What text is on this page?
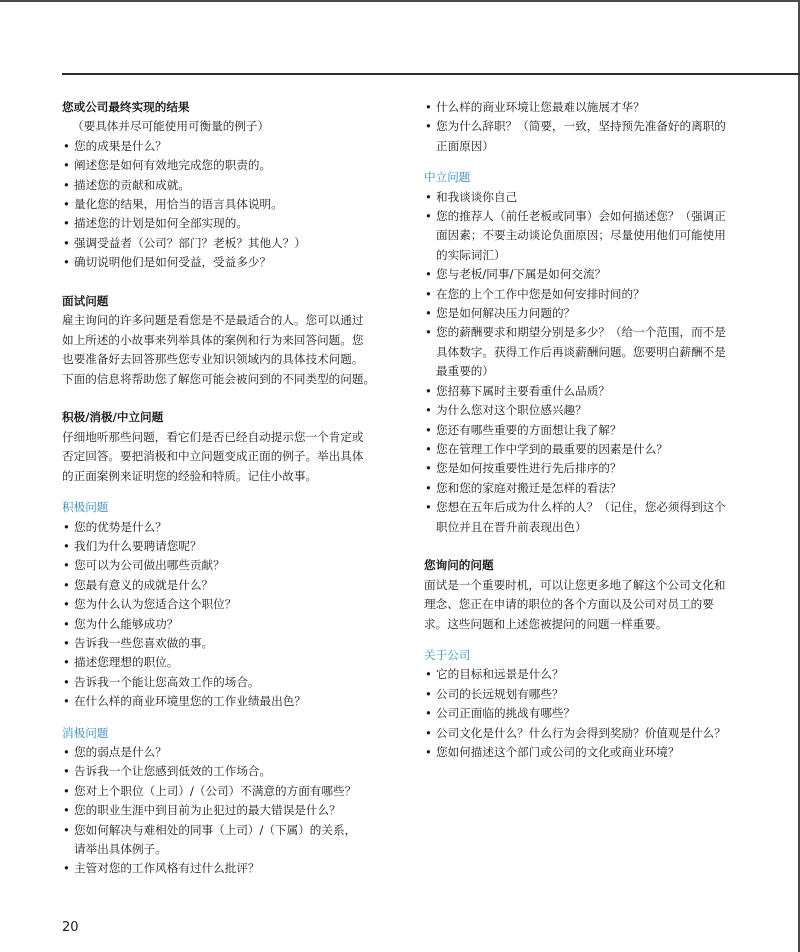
您或公司最终实现的结果
（要具体并尽可能使用可衡量的例子）
• 您的成果是什么？
• 阐述您是如何有效地完成您的职责的。
• 描述您的贡献和成就。
• 量化您的结果，用恰当的语言具体说明。
• 描述您的计划是如何全部实现的。
• 强调受益者（公司？部门？老板？其他人？）
• 确切说明他们是如何受益，受益多少？
面试问题
雇主询问的许多问题是看您是不是最适合的人。您可以通过
如上所述的小故事来列举具体的案例和行为来回答问题。您
也要准备好去回答那些您专业知识领域内的具体技术问题。
下面的信息将帮助您了解您可能会被问到的不同类型的问题。
积极/消极/中立问题
仔细地听那些问题，看它们是否已经自动提示您一个肯定或
否定回答。要把消极和中立问题变成正面的例子。举出具体
的正面案例来证明您的经验和特质。记住小故事。
积极问题
• 您的优势是什么？
• 我们为什么要聘请您呢？
• 您可以为公司做出哪些贡献？
• 您最有意义的成就是什么？
• 您为什么认为您适合这个职位？
• 您为什么能够成功？
• 告诉我一些您喜欢做的事。
• 描述您理想的职位。
• 告诉我一个能让您高效工作的场合。
• 在什么样的商业环境里您的工作业绩最出色？
消极问题
• 您的弱点是什么？
• 告诉我一个让您感到低效的工作场合。
• 您对上个职位（上司）/（公司）不满意的方面有哪些？
• 您的职业生涯中到目前为止犯过的最大错误是什么？
• 您如何解决与难相处的同事（上司）/（下属）的关系，
请举出具体例子。
• 主管对您的工作风格有过什么批评？
• 什么样的商业环境让您最难以施展才华？
• 您为什么辞职？（简要，一致，坚持预先准备好的离职的
正面原因）
中立问题
• 和我谈谈你自己
• 您的推荐人（前任老板或同事）会如何描述您？（强调正
面因素；不要主动谈论负面原因；尽量使用他们可能使用
的实际词汇）
• 您与老板/同事/下属是如何交流？
• 在您的上个工作中您是如何安排时间的？
• 您是如何解决压力问题的？
• 您的薪酬要求和期望分别是多少？（给一个范围，而不是
具体数字。获得工作后再谈薪酬问题。您要明白薪酬不是
最重要的）
• 您招募下属时主要看重什么品质？
• 为什么您对这个职位感兴趣？
• 您还有哪些重要的方面想让我了解？
• 您在管理工作中学到的最重要的因素是什么？
• 您是如何按重要性进行先后排序的？
• 您和您的家庭对搬迁是怎样的看法？
• 您想在五年后成为什么样的人？（记住，您必须得到这个
职位并且在晋升前表现出色）
您询问的问题
面试是一个重要时机，可以让您更多地了解这个公司文化和
理念、您正在申请的职位的各个方面以及公司对员工的要
求。这些问题和上述您被提问的问题一样重要。
关于公司
• 它的目标和远景是什么？
• 公司的长远规划有哪些？
• 公司正面临的挑战有哪些？
• 公司文化是什么？什么行为会得到奖励？价值观是什么？
• 您如何描述这个部门或公司的文化或商业环境？
20
